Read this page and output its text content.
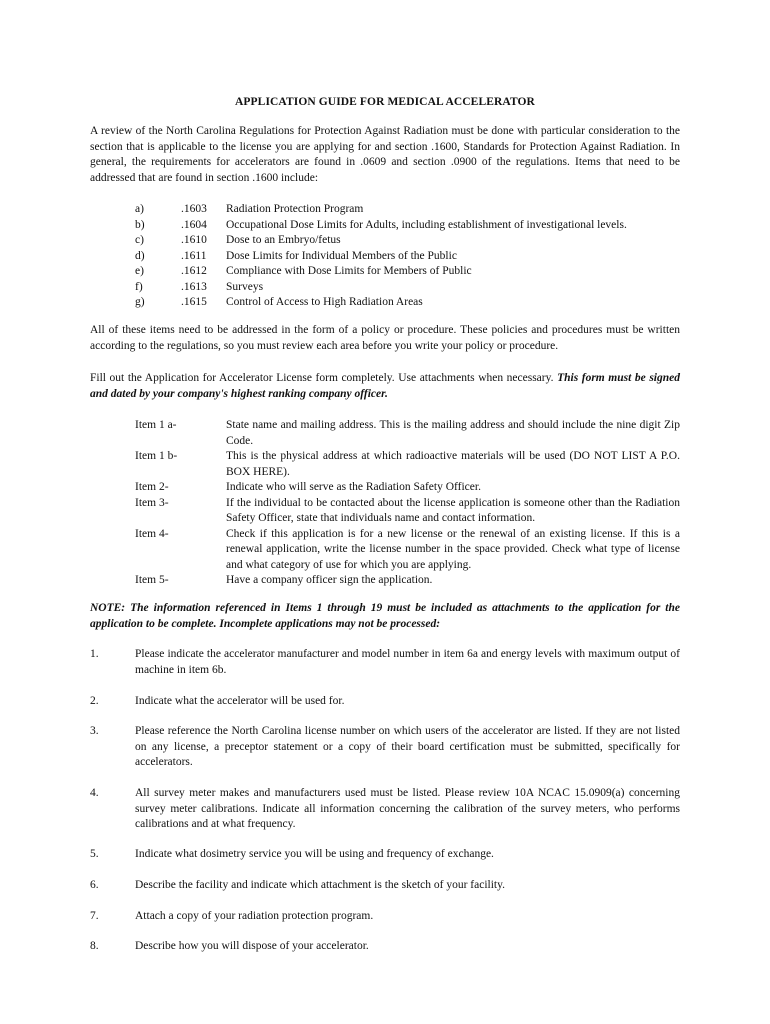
APPLICATION GUIDE FOR MEDICAL ACCELERATOR
A review of the North Carolina Regulations for Protection Against Radiation must be done with particular consideration to the section that is applicable to the license you are applying for and section .1600, Standards for Protection Against Radiation. In general, the requirements for accelerators are found in .0609 and section .0900 of the regulations. Items that need to be addressed that are found in section .1600 include:
a)	.1603	Radiation Protection Program
b)	.1604	Occupational Dose Limits for Adults, including establishment of investigational levels.
c)	.1610	Dose to an Embryo/fetus
d)	.1611	Dose Limits for Individual Members of the Public
e)	.1612	Compliance with Dose Limits for Members of Public
f)	.1613	Surveys
g)	.1615	Control of Access to High Radiation Areas
All of these items need to be addressed in the form of a policy or procedure. These policies and procedures must be written according to the regulations, so you must review each area before you write your policy or procedure.
Fill out the Application for Accelerator License form completely. Use attachments when necessary. This form must be signed and dated by your company's highest ranking company officer.
Item 1 a-	State name and mailing address. This is the mailing address and should include the nine digit Zip Code.
Item 1 b-	This is the physical address at which radioactive materials will be used (DO NOT LIST A P.O. BOX HERE).
Item 2-	Indicate who will serve as the Radiation Safety Officer.
Item 3-	If the individual to be contacted about the license application is someone other than the Radiation Safety Officer, state that individuals name and contact information.
Item 4-	Check if this application is for a new license or the renewal of an existing license. If this is a renewal application, write the license number in the space provided. Check what type of license and what category of use for which you are applying.
Item 5-	Have a company officer sign the application.
NOTE: The information referenced in Items 1 through 19 must be included as attachments to the application for the application to be complete. Incomplete applications may not be processed:
1.	Please indicate the accelerator manufacturer and model number in item 6a and energy levels with maximum output of machine in item 6b.
2.	Indicate what the accelerator will be used for.
3.	Please reference the North Carolina license number on which users of the accelerator are listed. If they are not listed on any license, a preceptor statement or a copy of their board certification must be submitted, specifically for accelerators.
4.	All survey meter makes and manufacturers used must be listed. Please review 10A NCAC 15.0909(a) concerning survey meter calibrations. Indicate all information concerning the calibration of the survey meters, who performs calibrations and at what frequency.
5.	Indicate what dosimetry service you will be using and frequency of exchange.
6.	Describe the facility and indicate which attachment is the sketch of your facility.
7.	Attach a copy of your radiation protection program.
8.	Describe how you will dispose of your accelerator.
